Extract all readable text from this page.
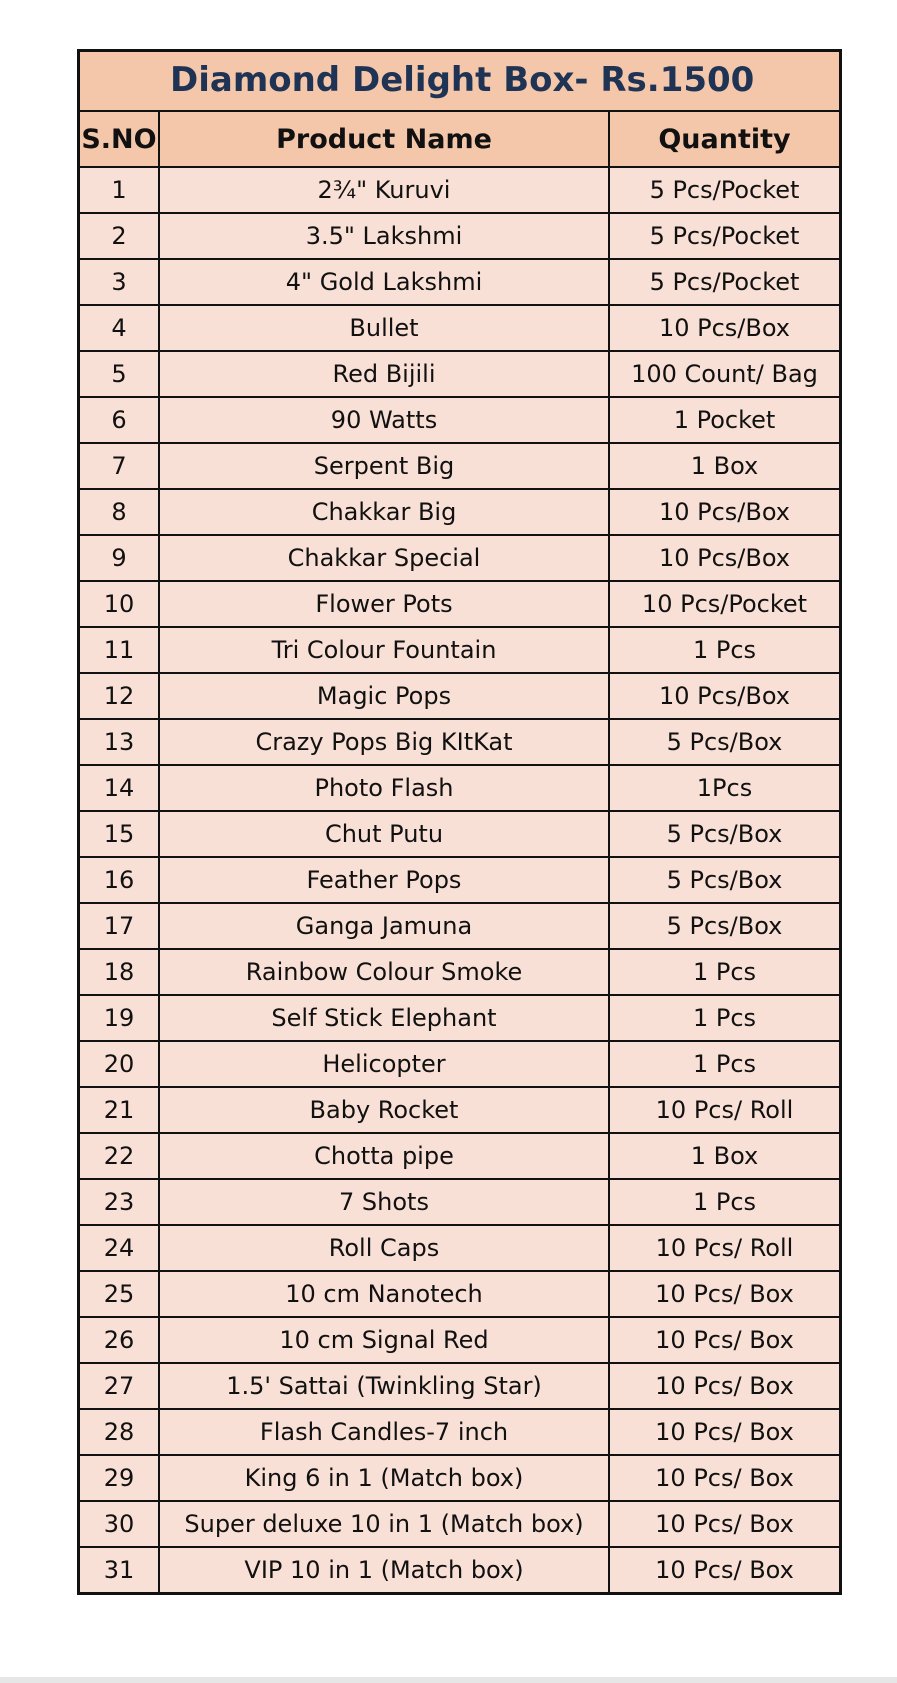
Diamond Delight Box- Rs.1500
S.NO	Product Name	Quantity
1	2¾" Kuruvi	5 Pcs/Pocket
2	3.5" Lakshmi	5 Pcs/Pocket
3	4" Gold Lakshmi	5 Pcs/Pocket
4	Bullet	10 Pcs/Box
5	Red Bijili	100 Count/ Bag
6	90 Watts	1 Pocket
7	Serpent Big	1 Box
8	Chakkar Big	10 Pcs/Box
9	Chakkar Special	10 Pcs/Box
10	Flower Pots	10 Pcs/Pocket
11	Tri Colour Fountain	1 Pcs
12	Magic Pops	10 Pcs/Box
13	Crazy Pops Big KItKat	5 Pcs/Box
14	Photo Flash	1Pcs
15	Chut Putu	5 Pcs/Box
16	Feather Pops	5 Pcs/Box
17	Ganga Jamuna	5 Pcs/Box
18	Rainbow Colour Smoke	1 Pcs
19	Self Stick Elephant	1 Pcs
20	Helicopter	1 Pcs
21	Baby Rocket	10 Pcs/ Roll
22	Chotta pipe	1 Box
23	7 Shots	1 Pcs
24	Roll Caps	10 Pcs/ Roll
25	10 cm Nanotech	10 Pcs/ Box
26	10 cm Signal Red	10 Pcs/ Box
27	1.5' Sattai (Twinkling Star)	10 Pcs/ Box
28	Flash Candles-7 inch	10 Pcs/ Box
29	King 6 in 1 (Match box)	10 Pcs/ Box
30	Super deluxe 10 in 1 (Match box)	10 Pcs/ Box
31	VIP 10 in 1 (Match box)	10 Pcs/ Box
